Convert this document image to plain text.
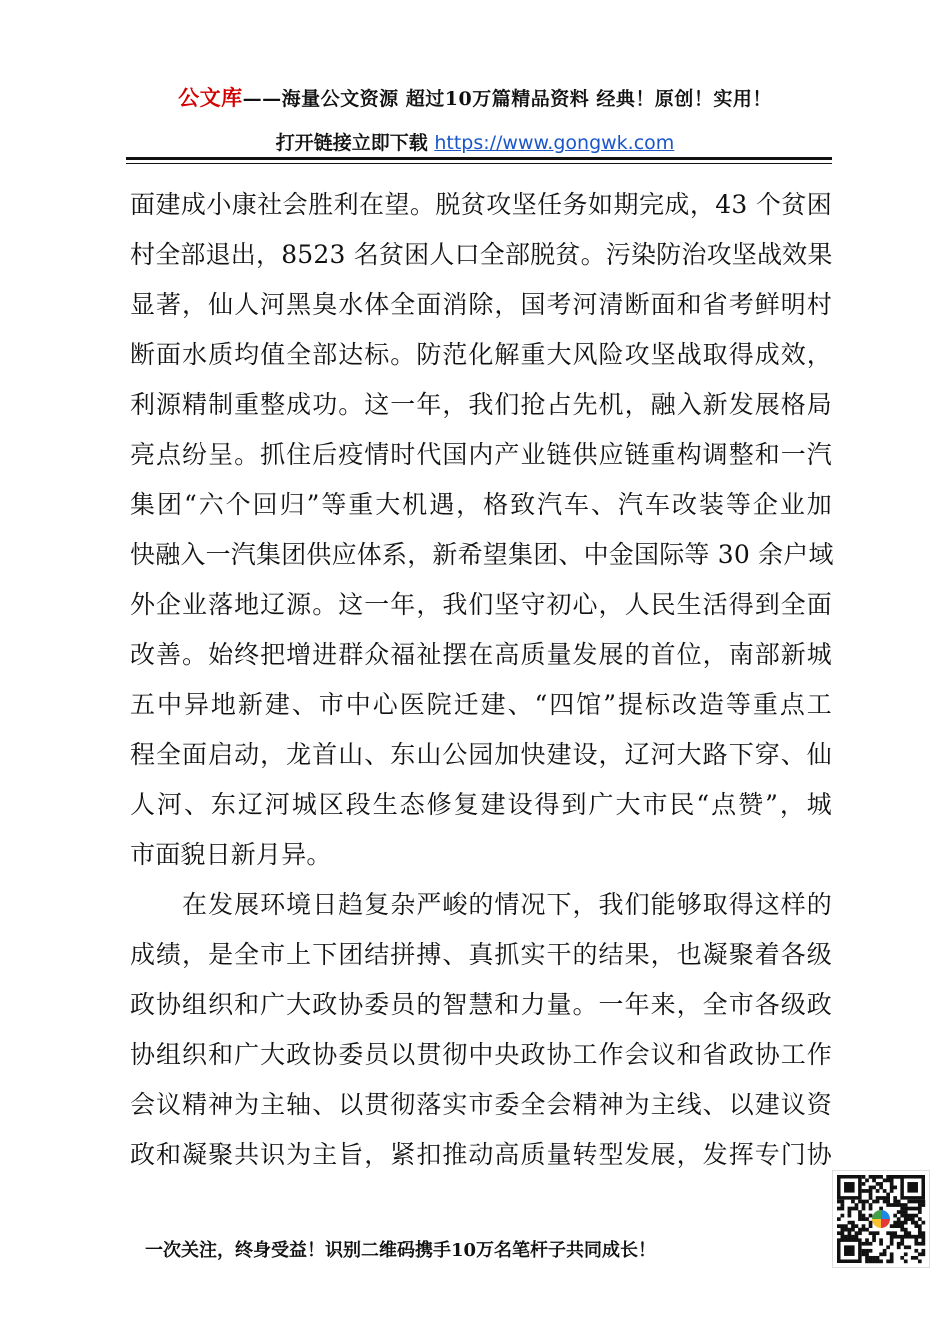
公文库——海量公文资源 超过10万篇精品资料 经典！原创！实用！
打开链接立即下载 https://www.gongwk.com
面建成小康社会胜利在望。脱贫攻坚任务如期完成，43 个贫困
村全部退出，8523 名贫困人口全部脱贫。污染防治攻坚战效果
显著，仙人河黑臭水体全面消除，国考河清断面和省考鲜明村
断面水质均值全部达标。防范化解重大风险攻坚战取得成效，
利源精制重整成功。这一年，我们抢占先机，融入新发展格局
亮点纷呈。抓住后疫情时代国内产业链供应链重构调整和一汽
集团“六个回归”等重大机遇，格致汽车、汽车改装等企业加
快融入一汽集团供应体系，新希望集团、中金国际等 30 余户域
外企业落地辽源。这一年，我们坚守初心，人民生活得到全面
改善。始终把增进群众福祉摆在高质量发展的首位，南部新城
五中异地新建、市中心医院迁建、“四馆”提标改造等重点工
程全面启动，龙首山、东山公园加快建设，辽河大路下穿、仙
人河、东辽河城区段生态修复建设得到广大市民“点赞”，城
市面貌日新月异。
　　在发展环境日趋复杂严峻的情况下，我们能够取得这样的
成绩，是全市上下团结拼搏、真抓实干的结果，也凝聚着各级
政协组织和广大政协委员的智慧和力量。一年来，全市各级政
协组织和广大政协委员以贯彻中央政协工作会议和省政协工作
会议精神为主轴、以贯彻落实市委全会精神为主线、以建议资
政和凝聚共识为主旨，紧扣推动高质量转型发展，发挥专门协
一次关注，终身受益！识别二维码携手10万名笔杆子共同成长！
